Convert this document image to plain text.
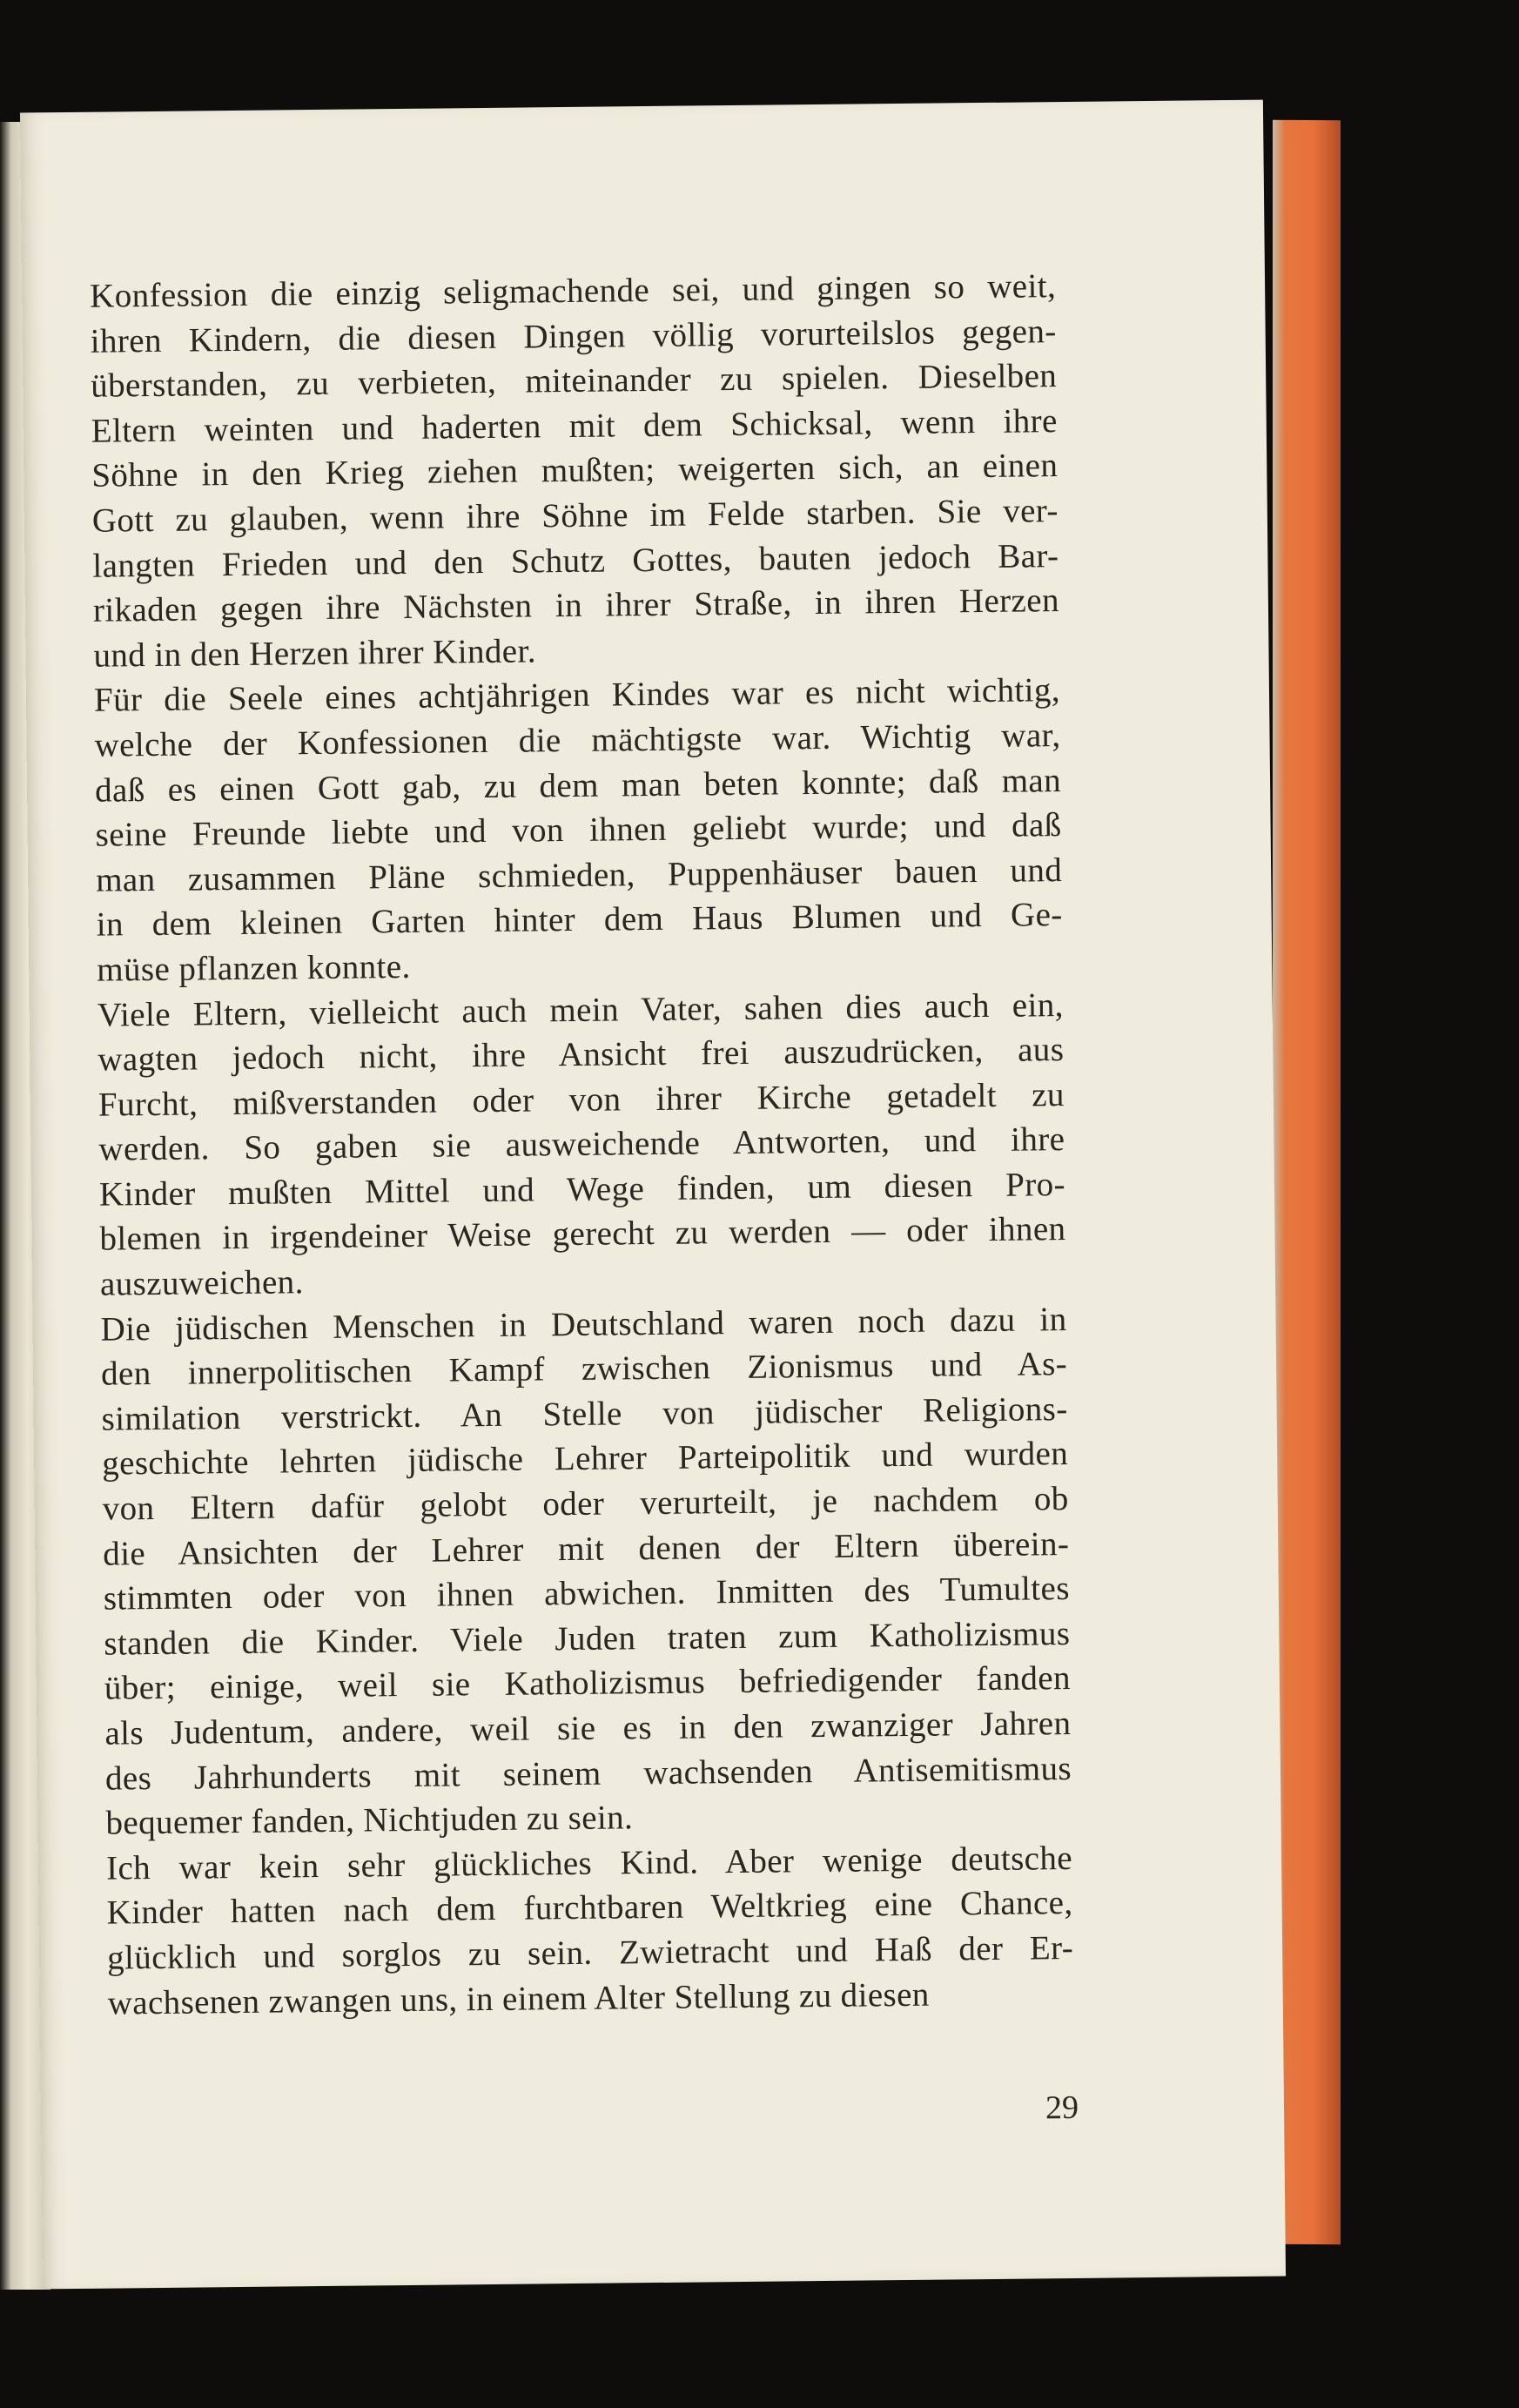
Konfession die einzig seligmachende sei, und gingen so weit,
ihren Kindern, die diesen Dingen völlig vorurteilslos gegen-
überstanden, zu verbieten, miteinander zu spielen. Dieselben
Eltern weinten und haderten mit dem Schicksal, wenn ihre
Söhne in den Krieg ziehen mußten; weigerten sich, an einen
Gott zu glauben, wenn ihre Söhne im Felde starben. Sie ver-
langten Frieden und den Schutz Gottes, bauten jedoch Bar-
rikaden gegen ihre Nächsten in ihrer Straße, in ihren Herzen
und in den Herzen ihrer Kinder.
Für die Seele eines achtjährigen Kindes war es nicht wichtig,
welche der Konfessionen die mächtigste war. Wichtig war,
daß es einen Gott gab, zu dem man beten konnte; daß man
seine Freunde liebte und von ihnen geliebt wurde; und daß
man zusammen Pläne schmieden, Puppenhäuser bauen und
in dem kleinen Garten hinter dem Haus Blumen und Ge-
müse pflanzen konnte.
Viele Eltern, vielleicht auch mein Vater, sahen dies auch ein,
wagten jedoch nicht, ihre Ansicht frei auszudrücken, aus
Furcht, mißverstanden oder von ihrer Kirche getadelt zu
werden. So gaben sie ausweichende Antworten, und ihre
Kinder mußten Mittel und Wege finden, um diesen Pro-
blemen in irgendeiner Weise gerecht zu werden — oder ihnen
auszuweichen.
Die jüdischen Menschen in Deutschland waren noch dazu in
den innerpolitischen Kampf zwischen Zionismus und As-
similation verstrickt. An Stelle von jüdischer Religions-
geschichte lehrten jüdische Lehrer Parteipolitik und wurden
von Eltern dafür gelobt oder verurteilt, je nachdem ob
die Ansichten der Lehrer mit denen der Eltern überein-
stimmten oder von ihnen abwichen. Inmitten des Tumultes
standen die Kinder. Viele Juden traten zum Katholizismus
über; einige, weil sie Katholizismus befriedigender fanden
als Judentum, andere, weil sie es in den zwanziger Jahren
des Jahrhunderts mit seinem wachsenden Antisemitismus
bequemer fanden, Nichtjuden zu sein.
Ich war kein sehr glückliches Kind. Aber wenige deutsche
Kinder hatten nach dem furchtbaren Weltkrieg eine Chance,
glücklich und sorglos zu sein. Zwietracht und Haß der Er-
wachsenen zwangen uns, in einem Alter Stellung zu diesen
29
